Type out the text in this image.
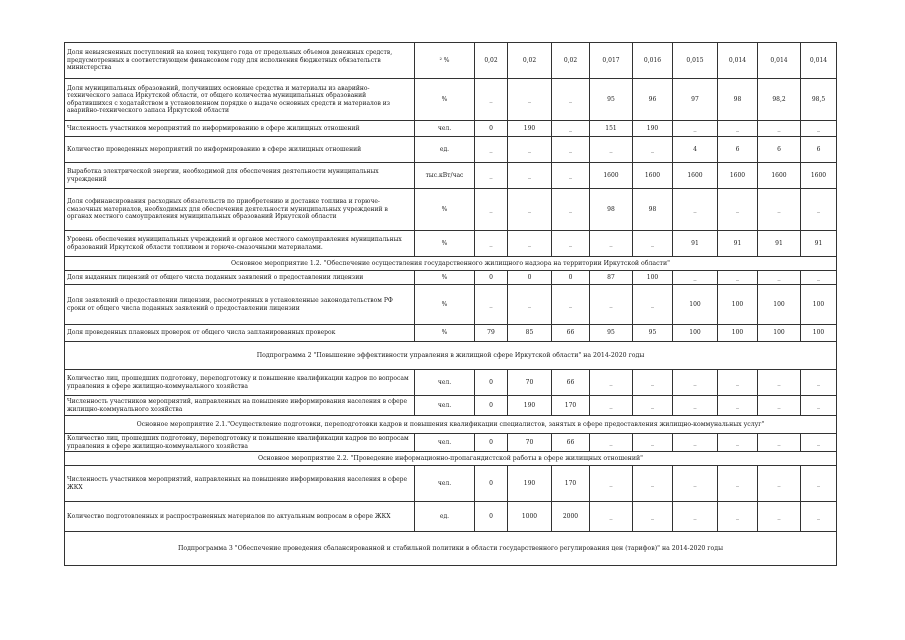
Доля невыясненных поступлений на конец текущего года от предельных объемов денежных средств, предусмотренных в соответствующем финансовом году для исполнения бюджетных обязательств министерства	² %	0,02	0,02	0,02	0,017	0,016	0,015	0,014	0,014	0,014
Доля муниципальных образований, получивших основные средства и материалы из аварийно-технического запаса Иркутской области, от общего количества муниципальных образований обратившихся с ходатайством в установленном порядке о выдаче основных средств и материалов из аварийно-технического запаса Иркутской области	%	_	_	_	95	96	97	98	98,2	98,5
Численность участников мероприятий по информированию в сфере жилищных отношений	чел.	0	190	_	151	190	_	_	_	_
Количество проведенных мероприятий по информированию в сфере жилищных отношений	ед.	_	_	_	_	_	4	6	6	6
Выработка электрической энергии, необходимой для обеспечения деятельности муниципальных учреждений	тыс.кВт/час	_	_	_	1600	1600	1600	1600	1600	1600
Доля софинансирования расходных обязательств по приобретению и доставке топлива и горюче-смазочных материалов, необходимых для обеспечения деятельности муниципальных учреждений в органах местного самоуправления муниципальных образований Иркутской области	%	_	_	_	98	98	_	_	_	_
Уровень обеспечения муниципальных учреждений и органов местного самоуправления муниципальных образований Иркутской области топливом и горюче-смазочными материалами.	%	_	_	_	_	_	91	91	91	91
Основное мероприятие 1.2. "Обеспечение осуществления государственного жилищного надзора на территории Иркутской области"										
Доля выданных лицензий от общего числа поданных заявлений о предоставлении лицензии	%	0	0	0	87	100	_	_	_	_
Доля заявлений о предоставлении лицензии, рассмотренных в установленные законодательством РФ сроки от общего числа поданных заявлений о предоставлении лицензии	%	_	_	_	_	_	100	100	100	100
Доля проведенных плановых проверок от общего числа запланированных проверок	%	79	85	66	95	95	100	100	100	100
Подпрограмма 2 "Повышение эффективности управления в жилищной сфере Иркутской области" на 2014-2020 годы										
Количество лиц, прошедших подготовку, переподготовку и повышение квалификации кадров по вопросам управления в сфере жилищно-коммунального хозяйства	чел.	0	70	66	_	_	_	_	_	_
Численность участников мероприятий, направленных на повышение информирования населения в сфере жилищно-коммунального хозяйства	чел.	0	190	170	_	_	_	_	_	_
Основное мероприятие 2.1."Осуществление подготовки, переподготовки кадров и повышения квалификации специалистов, занятых в сфере предоставления жилищно-коммунальных услуг"										
Количество лиц, прошедших подготовку, переподготовку и повышение квалификации кадров по вопросам управления в сфере жилищно-коммунального хозяйства	чел.	0	70	66	_	_	_	_	_	_
Основное мероприятие 2.2. "Проведение информационно-пропагандистской работы в сфере жилищных отношений"										
Численность участников мероприятий, направленных на повышение информирования населения в сфере ЖКХ	чел.	0	190	170	_	_	_	_	_	_
Количество подготовленных и распространенных материалов по актуальным вопросам в сфере ЖКХ	ед.	0	1000	2000	_	_	_	_	_	_
Подпрограмма 3 "Обеспечение проведения сбалансированной и стабильной политики в области государственного регулирования цен (тарифов)" на 2014-2020 годы										
